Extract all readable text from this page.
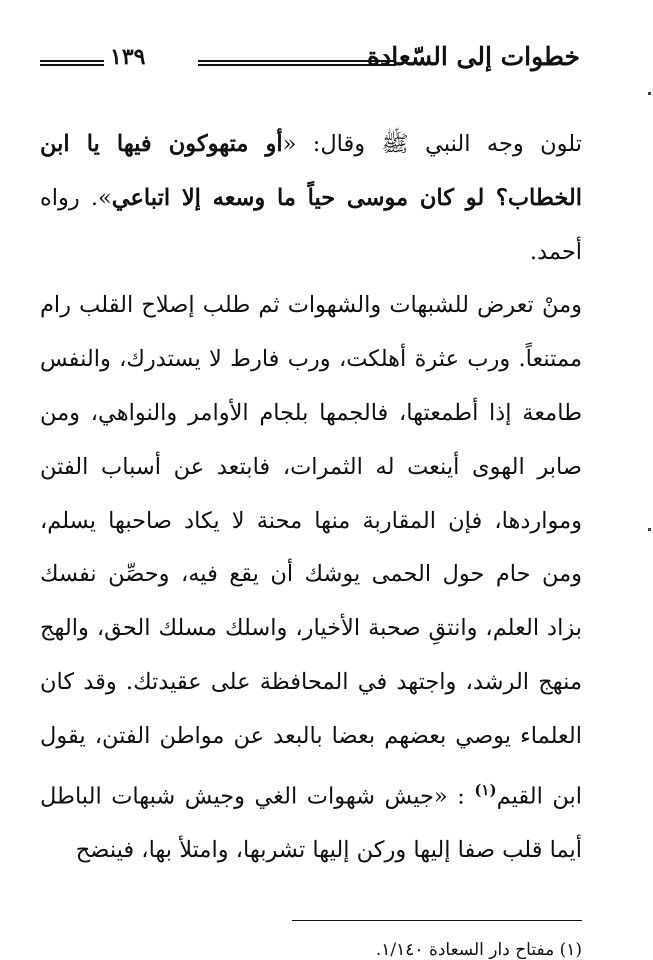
خطوات إلى السّعادة
١٣٩

تلون وجه النبي ﷺ وقال: «أو متهوكون فيها يا ابن الخطاب؟ لو كان موسى حياً ما وسعه إلا اتباعي». رواه أحمد.

ومنْ تعرض للشبهات والشهوات ثم طلب إصلاح القلب رام ممتنعاً. ورب عثرة أهلكت، ورب فارط لا يستدرك، والنفس طامعة إذا أطمعتها، فالجمها بلجام الأوامر والنواهي، ومن صابر الهوى أينعت له الثمرات، فابتعد عن أسباب الفتن ومواردها، فإن المقاربة منها محنة لا يكاد صاحبها يسلم، ومن حام حول الحمى يوشك أن يقع فيه، وحصِّن نفسك بزاد العلم، وانتقِ صحبة الأخيار، واسلك مسلك الحق، والهج منهج الرشد، واجتهد في المحافظة على عقيدتك. وقد كان العلماء يوصي بعضهم بعضا بالبعد عن مواطن الفتن، يقول ابن القيم$^{(١)}$ : «جيش شهوات الغي وجيش شبهات الباطل أيما قلب صفا إليها وركن إليها تشربها، وامتلأ بها، فينضح

(١) مفتاح دار السعادة ١/١٤٠.
